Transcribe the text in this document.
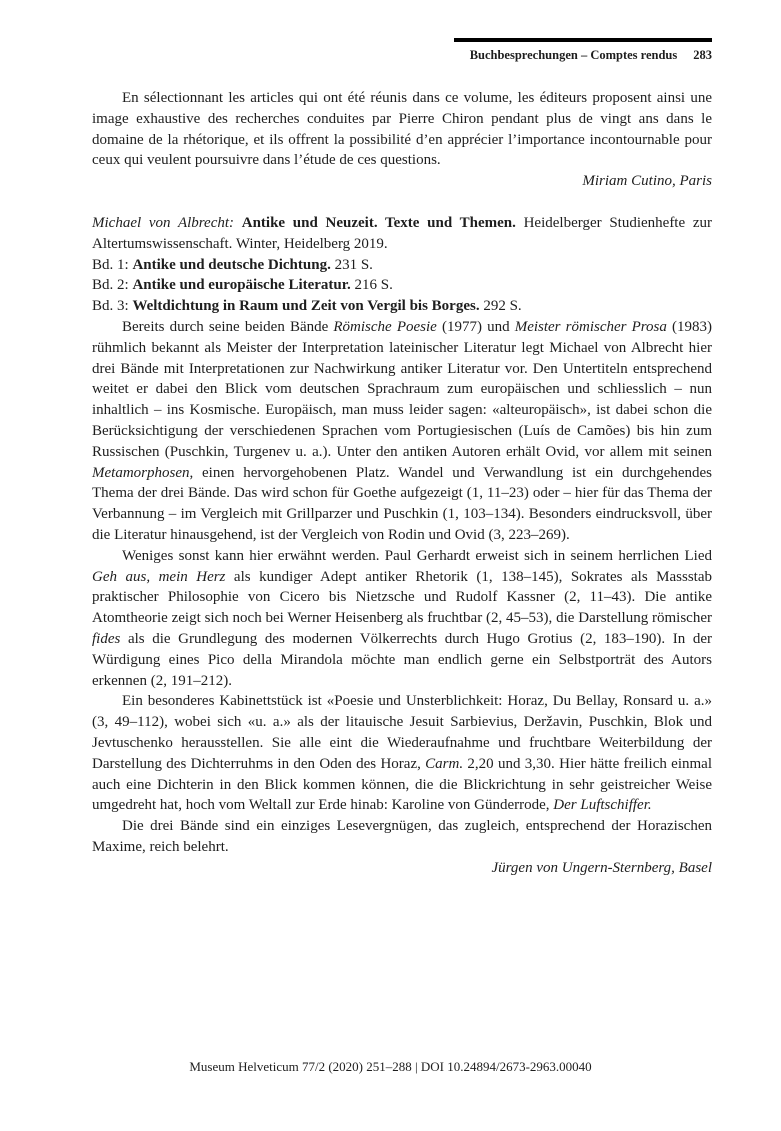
Buchbesprechungen – Comptes rendus 283

En sélectionnant les articles qui ont été réunis dans ce volume, les éditeurs proposent ainsi une image exhaustive des recherches conduites par Pierre Chiron pendant plus de vingt ans dans le domaine de la rhétorique, et ils offrent la possibilité d’en apprécier l’importance incontournable pour ceux qui veulent poursuivre dans l’étude de ces questions.

Miriam Cutino, Paris

Michael von Albrecht: Antike und Neuzeit. Texte und Themen. Heidelberger Studienhefte zur Altertumswissenschaft. Winter, Heidelberg 2019.

Bd. 1: Antike und deutsche Dichtung. 231 S.

Bd. 2: Antike und europäische Literatur. 216 S.

Bd. 3: Weltdichtung in Raum und Zeit von Vergil bis Borges. 292 S.

Bereits durch seine beiden Bände Römische Poesie (1977) und Meister römischer Prosa (1983) rühmlich bekannt als Meister der Interpretation lateinischer Literatur legt Michael von Albrecht hier drei Bände mit Interpretationen zur Nachwirkung antiker Literatur vor. Den Untertiteln entsprechend weitet er dabei den Blick vom deutschen Sprachraum zum europäischen und schliesslich – nun inhaltlich – ins Kosmische. Europäisch, man muss leider sagen: «alteuropäisch», ist dabei schon die Berücksichtigung der verschiedenen Sprachen vom Portugiesischen (Luís de Camões) bis hin zum Russischen (Puschkin, Turgenev u. a.). Unter den antiken Autoren erhält Ovid, vor allem mit seinen Metamorphosen, einen hervorgehobenen Platz. Wandel und Verwandlung ist ein durchgehendes Thema der drei Bände. Das wird schon für Goethe aufgezeigt (1, 11–23) oder – hier für das Thema der Verbannung – im Vergleich mit Grillparzer und Puschkin (1, 103–134). Besonders eindrucksvoll, über die Literatur hinausgehend, ist der Vergleich von Rodin und Ovid (3, 223–269).

Weniges sonst kann hier erwähnt werden. Paul Gerhardt erweist sich in seinem herrlichen Lied Geh aus, mein Herz als kundiger Adept antiker Rhetorik (1, 138–145), Sokrates als Massstab praktischer Philosophie von Cicero bis Nietzsche und Rudolf Kassner (2, 11–43). Die antike Atomtheorie zeigt sich noch bei Werner Heisenberg als fruchtbar (2, 45–53), die Darstellung römischer fides als die Grundlegung des modernen Völkerrechts durch Hugo Grotius (2, 183–190). In der Würdigung eines Pico della Mirandola möchte man endlich gerne ein Selbstporträt des Autors erkennen (2, 191–212).

Ein besonderes Kabinettstück ist «Poesie und Unsterblichkeit: Horaz, Du Bellay, Ronsard u. a.» (3, 49–112), wobei sich «u. a.» als der litauische Jesuit Sarbievius, Deržavin, Puschkin, Blok und Jevtuschenko herausstellen. Sie alle eint die Wiederaufnahme und fruchtbare Weiterbildung der Darstellung des Dichterruhms in den Oden des Horaz, Carm. 2,20 und 3,30. Hier hätte freilich einmal auch eine Dichterin in den Blick kommen können, die die Blickrichtung in sehr geistreicher Weise umgedreht hat, hoch vom Weltall zur Erde hinab: Karoline von Günderrode, Der Luftschiffer.

Die drei Bände sind ein einziges Lesevergnügen, das zugleich, entsprechend der Horazischen Maxime, reich belehrt.

Jürgen von Ungern-Sternberg, Basel

Museum Helveticum 77/2 (2020) 251–288 | DOI 10.24894/2673-2963.00040
